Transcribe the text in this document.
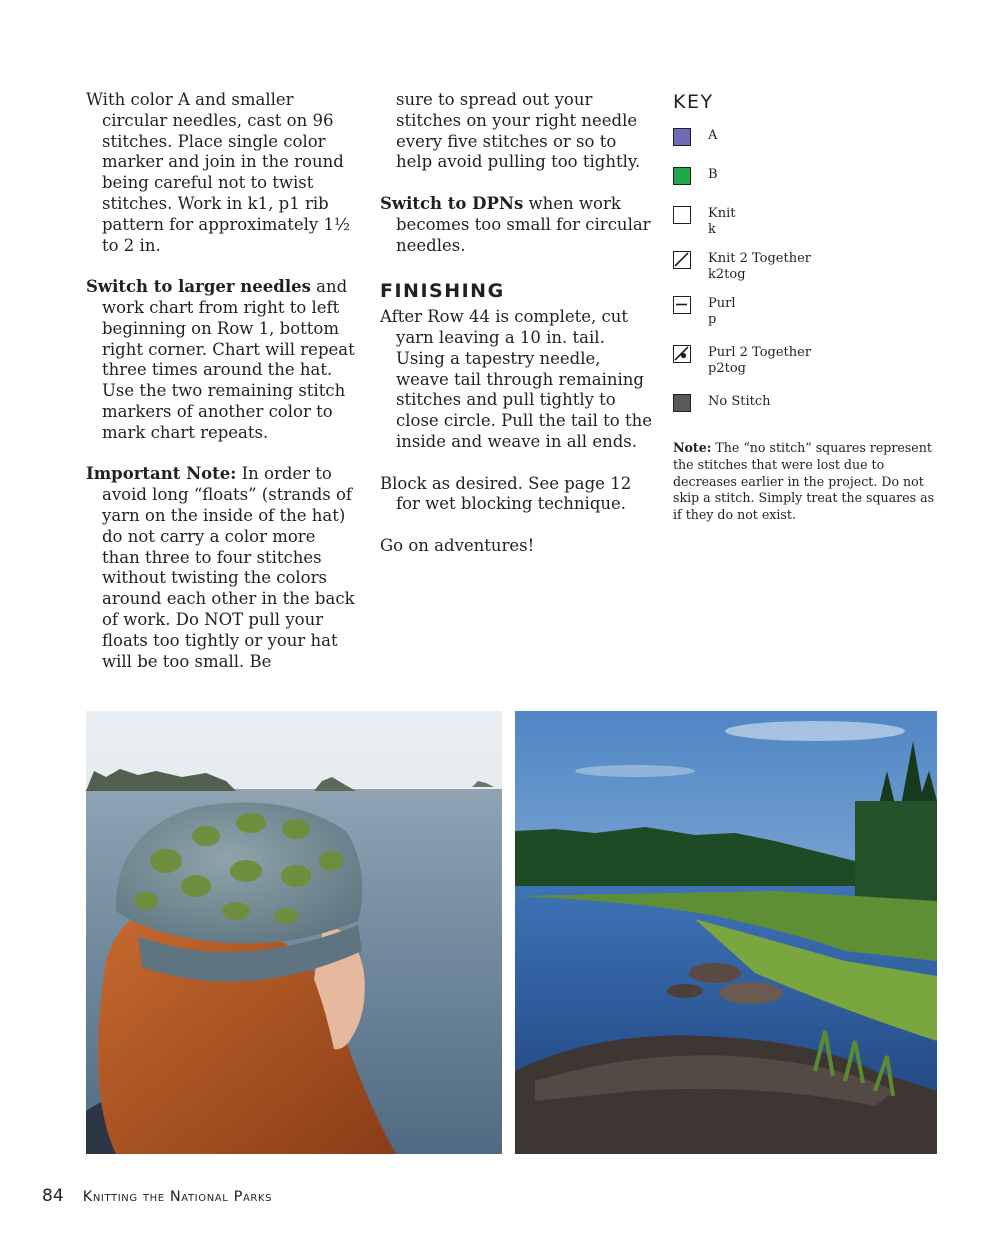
With color A and smaller circular needles, cast on 96 stitches. Place single color marker and join in the round being careful not to twist stitches. Work in k1, p1 rib pattern for approximately 1½ to 2 in.

Switch to larger needles and work chart from right to left beginning on Row 1, bottom right corner. Chart will repeat three times around the hat. Use the two remaining stitch markers of another color to mark chart repeats.

Important Note: In order to avoid long “floats” (strands of yarn on the inside of the hat) do not carry a color more than three to four stitches without twisting the colors around each other in the back of work. Do NOT pull your floats too tightly or your hat will be too small. Be

sure to spread out your stitches on your right needle every five stitches or so to help avoid pulling too tightly.

Switch to DPNs when work becomes too small for circular needles.

FINISHING

After Row 44 is complete, cut yarn leaving a 10 in. tail. Using a tapestry needle, weave tail through remaining stitches and pull tightly to close circle. Pull the tail to the inside and weave in all ends.

Block as desired. See page 12 for wet blocking technique.

Go on adventures!

KEY
A
B
Knit
k
Knit 2 Together
k2tog
Purl
p
Purl 2 Together
p2tog
No Stitch
Note: The “no stitch” squares represent the stitches that were lost due to decreases earlier in the project. Do not skip a stitch. Simply treat the squares as if they do not exist.
84 Knitting the National Parks
